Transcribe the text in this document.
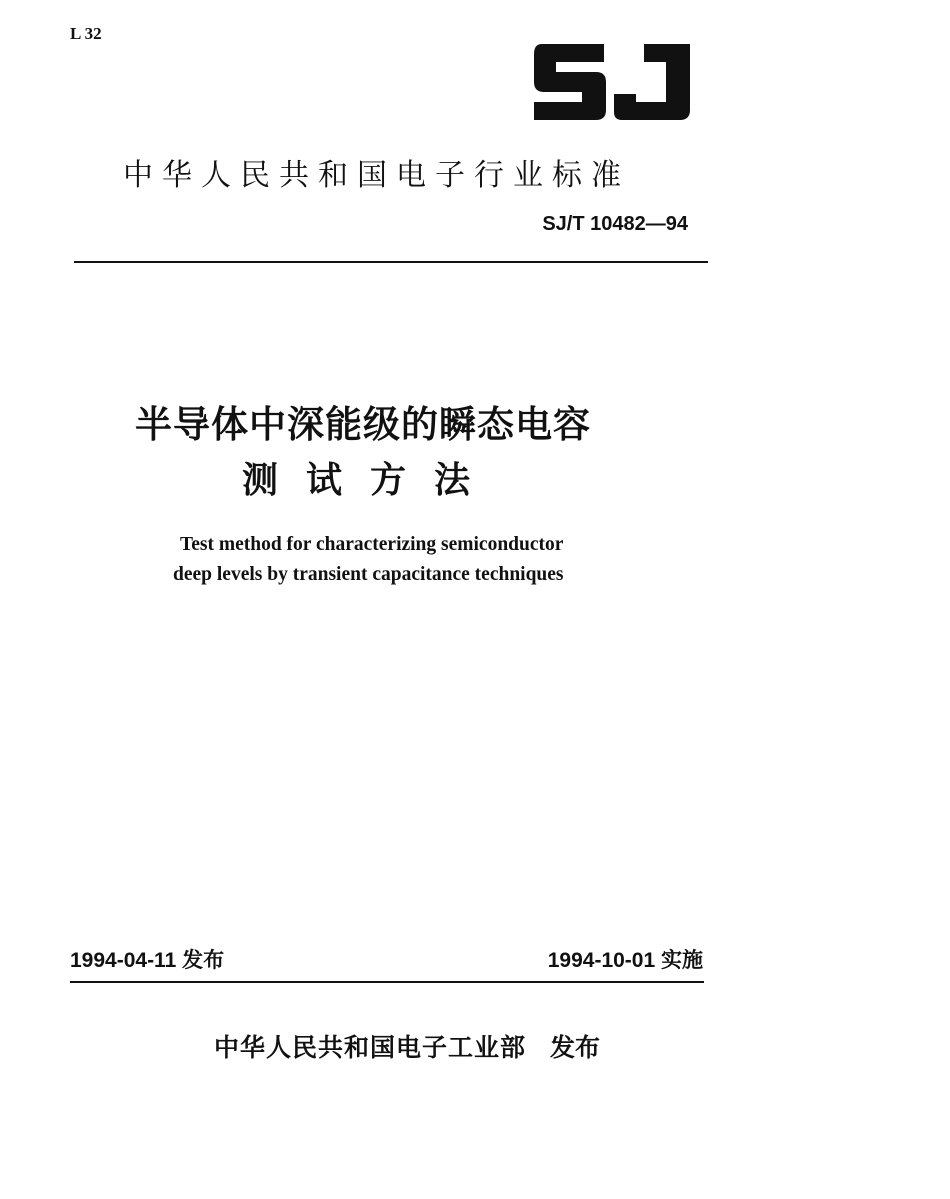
L 32
中华人民共和国电子行业标准
SJ/T 10482—94
半导体中深能级的瞬态电容
测试方法
Test method for characterizing semiconductor
deep levels by transient capacitance techniques
1994-04-11 发布	1994-10-01 实施
中华人民共和国电子工业部 发布
